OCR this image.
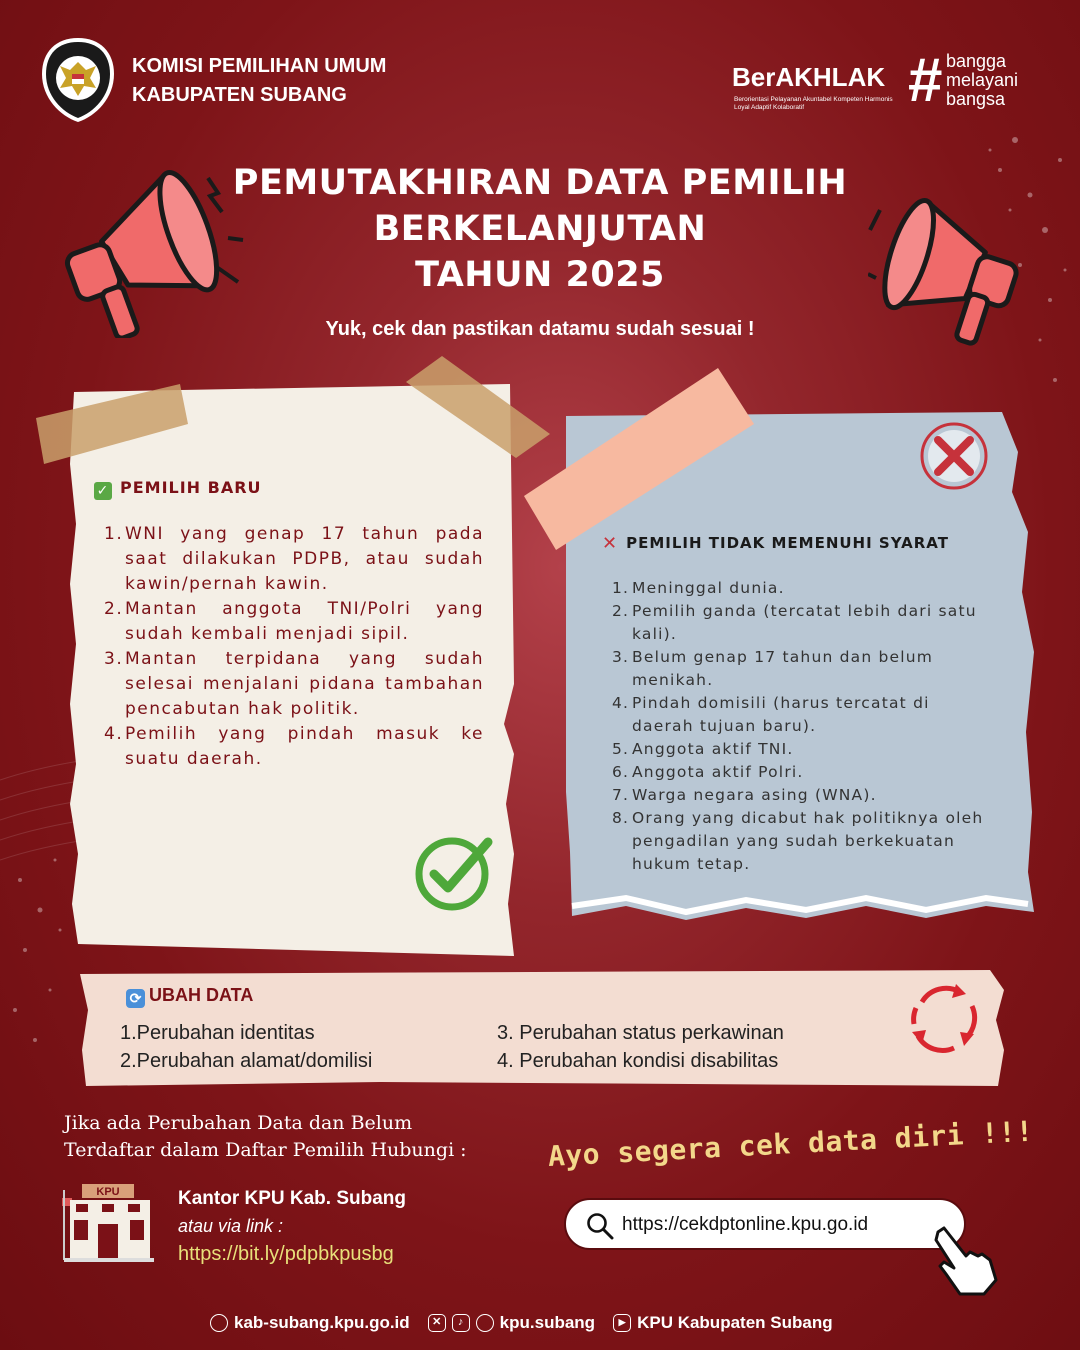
KOMISI PEMILIHAN UMUM
KABUPATEN SUBANG
BerAKHLAK
Berorientasi Pelayanan Akuntabel Kompeten Harmonis Loyal Adaptif Kolaboratif	# bangga
melayani
bangsa
PEMUTAKHIRAN DATA PEMILIH
BERKELANJUTAN
TAHUN 2025
Yuk, cek dan pastikan datamu sudah sesuai !
✓ PEMILIH BARU
1. WNI yang genap 17 tahun pada saat dilakukan PDPB, atau sudah kawin/pernah kawin.
2. Mantan anggota TNI/Polri yang sudah kembali menjadi sipil.
3. Mantan terpidana yang sudah selesai menjalani pidana tambahan pencabutan hak politik.
4. Pemilih yang pindah masuk ke suatu daerah.
✕ PEMILIH TIDAK MEMENUHI SYARAT
1. Meninggal dunia.
2. Pemilih ganda (tercatat lebih dari satu kali).
3. Belum genap 17 tahun dan belum menikah.
4. Pindah domisili (harus tercatat di daerah tujuan baru).
5. Anggota aktif TNI.
6. Anggota aktif Polri.
7. Warga negara asing (WNA).
8. Orang yang dicabut hak politiknya oleh pengadilan yang sudah berkekuatan hukum tetap.
⟳ UBAH DATA
1.Perubahan identitas
2.Perubahan alamat/domilisi
3. Perubahan status perkawinan
4. Perubahan kondisi disabilitas
Jika ada Perubahan Data dan Belum
Terdaftar dalam Daftar Pemilih Hubungi :
KPU	Kantor KPU Kab. Subang
atau via link :
https://bit.ly/pdpbkpusbg
Ayo segera cek data diri !!!
https://cekdptonline.kpu.go.id
kab-subang.kpu.go.id	✕	♪	kpu.subang	▶ KPU Kabupaten Subang
